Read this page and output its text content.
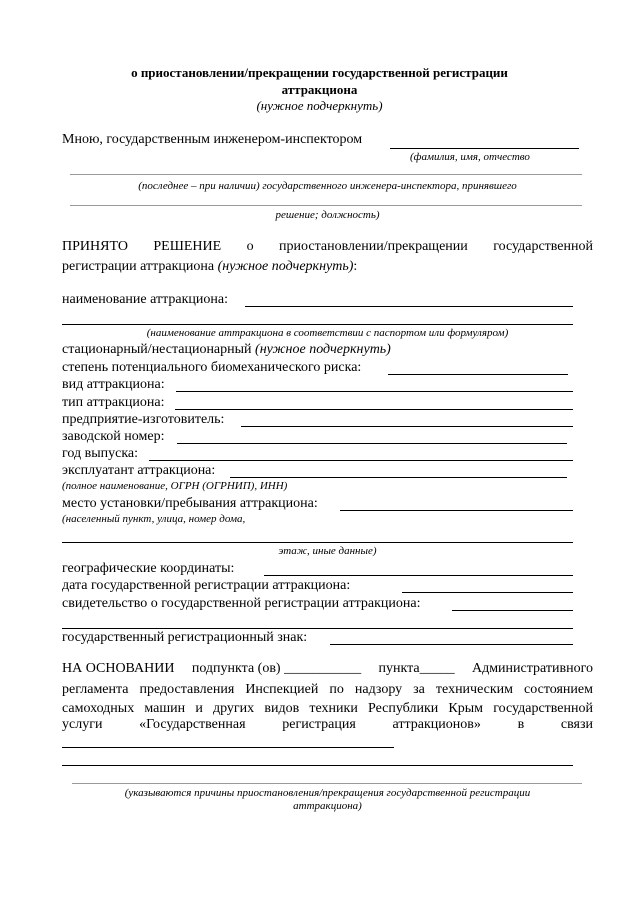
о приостановлении/прекращении государственной регистрации
аттракциона
(нужное подчеркнуть)
Мною, государственным инженером-инспектором
(фамилия, имя, отчество
(последнее – при наличии) государственного инженера-инспектора, принявшего
решение; должность)
ПРИНЯТО РЕШЕНИЕ о приостановлении/прекращении государственной
регистрации аттракциона (нужное подчеркнуть):
наименование аттракциона:
(наименование аттракциона в соответствии с паспортом или формуляром)
стационарный/нестационарный (нужное подчеркнуть)
степень потенциального биомеханического риска:
вид аттракциона:
тип аттракциона:
предприятие-изготовитель:
заводской номер:
год выпуска:
эксплуатант аттракциона:
(полное наименование, ОГРН (ОГРНИП), ИНН)
место установки/пребывания аттракциона:
(населенный пункт, улица, номер дома,
этаж, иные данные)
географические координаты:
дата государственной регистрации аттракциона:
свидетельство о государственной регистрации аттракциона:
государственный регистрационный знак:
НА ОСНОВАНИИ подпункта (ов) ___________ пункта_____ Административного
регламента предоставления Инспекцией по надзору за техническим состоянием
самоходных машин и других видов техники Республики Крым государственной
услуги	«Государственная	регистрация	аттракционов»	в	связи
(указываются причины приостановления/прекращения государственной регистрации
аттракциона)
